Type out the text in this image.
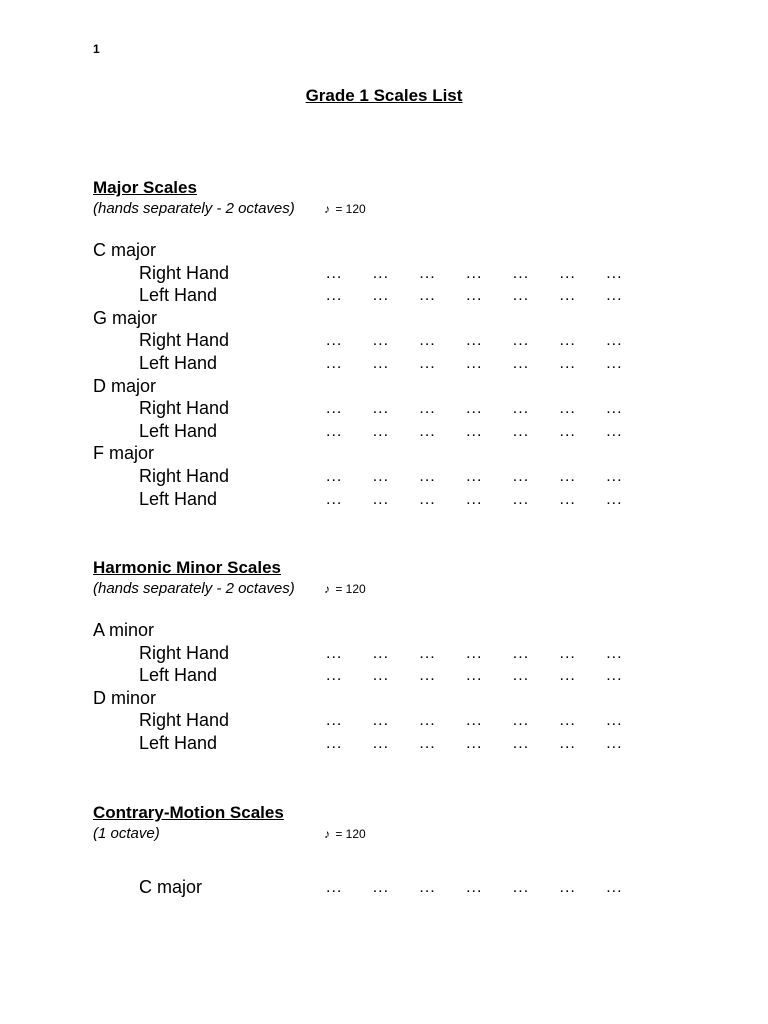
1
Grade 1 Scales List
Major Scales
(hands separately - 2 octaves) ♪ = 120
C major
Right Hand	... ... ... ... ... ... ...
Left Hand	... ... ... ... ... ... ...
G major
Right Hand	... ... ... ... ... ... ...
Left Hand	... ... ... ... ... ... ...
D major
Right Hand	... ... ... ... ... ... ...
Left Hand	... ... ... ... ... ... ...
F major
Right Hand	... ... ... ... ... ... ...
Left Hand	... ... ... ... ... ... ...
Harmonic Minor Scales
(hands separately - 2 octaves) ♪ = 120
A minor
Right Hand	... ... ... ... ... ... ...
Left Hand	... ... ... ... ... ... ...
D minor
Right Hand	... ... ... ... ... ... ...
Left Hand	... ... ... ... ... ... ...
Contrary-Motion Scales
(1 octave)	♪ = 120
C major	... ... ... ... ... ... ...
